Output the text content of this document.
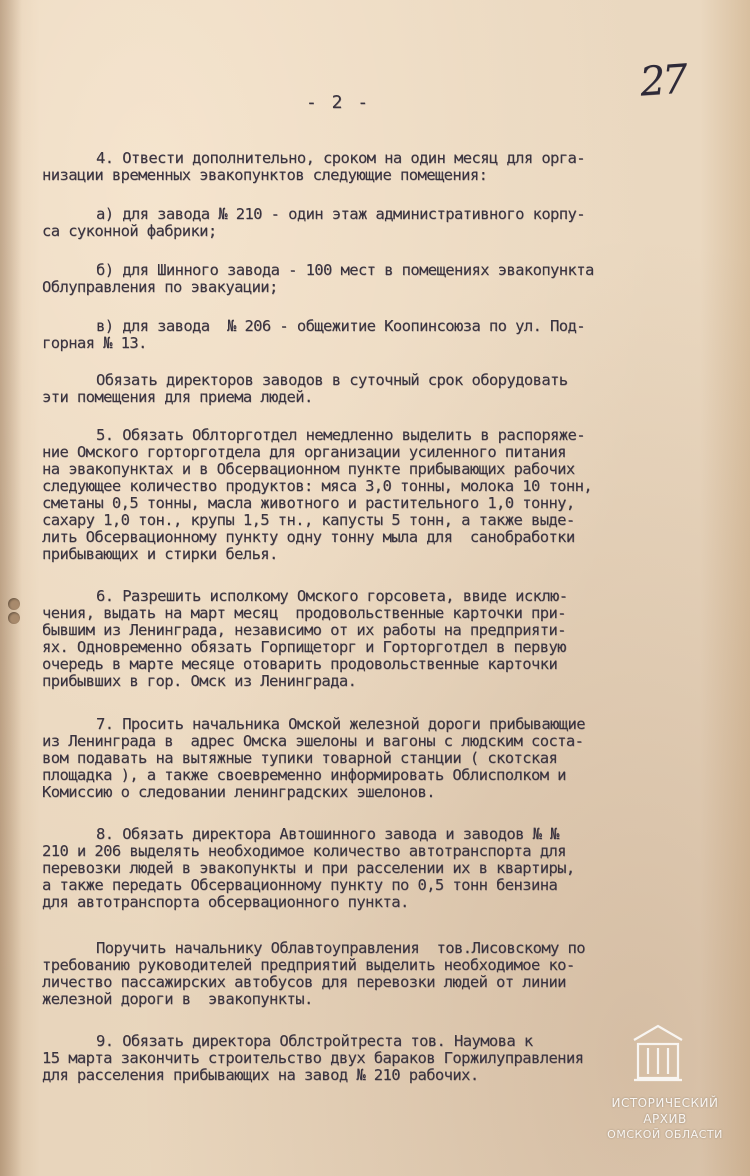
27
- 2 -
4. Отвести дополнительно, сроком на один месяц для орга-
низации временных эвакопунктов следующие помещения:
а) для завода № 210 - один этаж административного корпу-
са суконной фабрики;
б) для Шинного завода - 100 мест в помещениях эвакопункта
Облуправления по эвакуации;
в) для завода  № 206 - общежитие Коопинсоюза по ул. Под-
горная № 13.
Обязать директоров заводов в суточный срок оборудовать
эти помещения для приема людей.
5. Обязать Облторготдел немедленно выделить в распоряже-
ние Омского горторготдела для организации усиленного питания
на эвакопунктах и в Обсервационном пункте прибывающих рабочих
следующее количество продуктов: мяса 3,0 тонны, молока 10 тонн,
сметаны 0,5 тонны, масла животного и растительного 1,0 тонну,
сахару 1,0 тон., крупы 1,5 тн., капусты 5 тонн, а также выде-
лить Обсервационному пункту одну тонну мыла для  санобработки
прибывающих и стирки белья.
6. Разрешить исполкому Омского горсовета, ввиде исклю-
чения, выдать на март месяц  продовольственные карточки при-
бывшим из Ленинграда, независимо от их работы на предприяти-
ях. Одновременно обязать Горпищеторг и Горторготдел в первую
очередь в марте месяце отоварить продовольственные карточки
прибывших в гор. Омск из Ленинграда.
7. Просить начальника Омской железной дороги прибывающие
из Ленинграда в  адрес Омска эшелоны и вагоны с людским соста-
вом подавать на вытяжные тупики товарной станции ( скотская
площадка ), а также своевременно информировать Облисполком и
Комиссию о следовании ленинградских эшелонов.
8. Обязать директора Автошинного завода и заводов № №
210 и 206 выделять необходимое количество автотранспорта для
перевозки людей в эвакопункты и при расселении их в квартиры,
а также передать Обсервационному пункту по 0,5 тонн бензина
для автотранспорта обсервационного пункта.
Поручить начальнику Облавтоуправления  тов.Лисовскому по
требованию руководителей предприятий выделить необходимое ко-
личество пассажирских автобусов для перевозки людей от линии
железной дороги в  эвакопункты.
9. Обязать директора Облстройтреста тов. Наумова к
15 марта закончить строительство двух бараков Горжилуправления
для расселения прибывающих на завод № 210 рабочих.
ИСТОРИЧЕСКИЙ
АРХИВ
ОМСКОЙ ОБЛАСТИ
